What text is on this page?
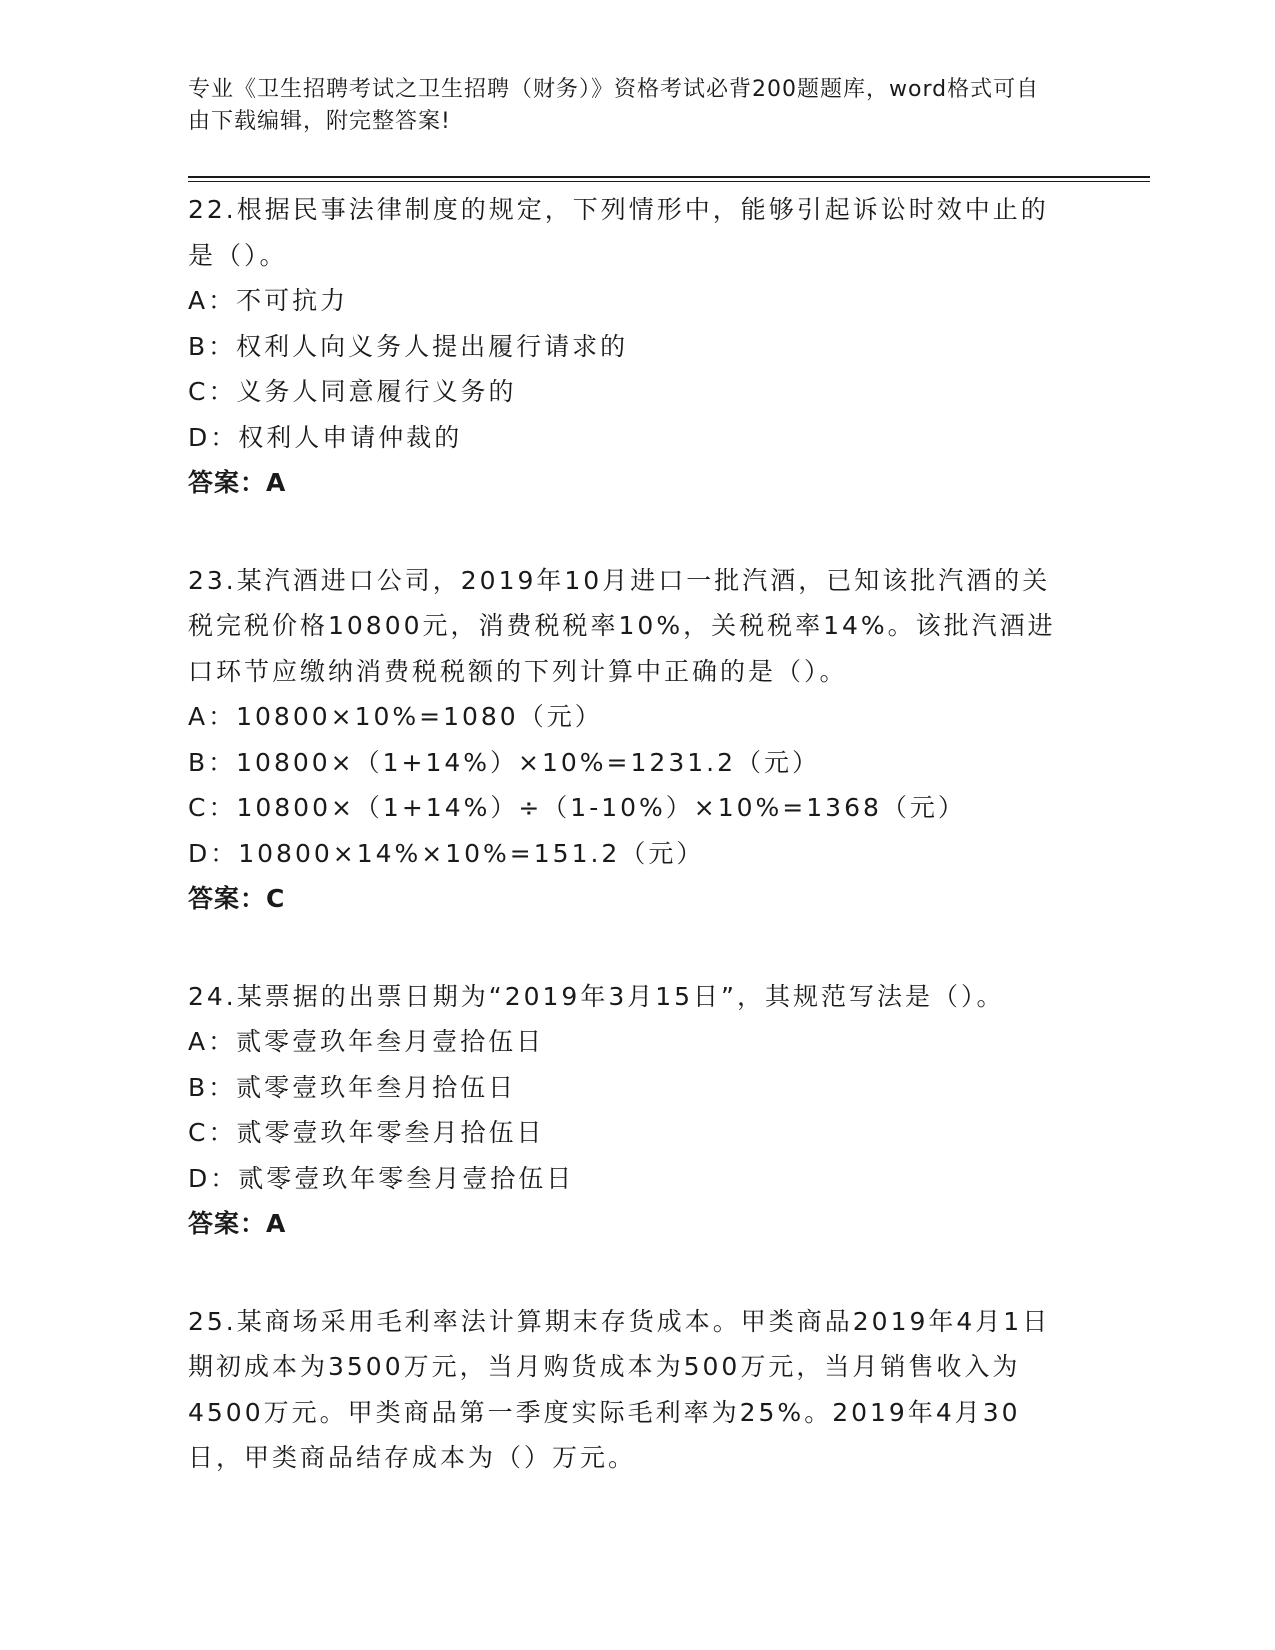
专业《卫生招聘考试之卫生招聘（财务）》资格考试必背200题题库，word格式可自由下载编辑，附完整答案!

22.根据民事法律制度的规定，下列情形中，能够引起诉讼时效中止的是（）。

A：不可抗力

B：权利人向义务人提出履行请求的

C：义务人同意履行义务的

D：权利人申请仲裁的

答案：A

23.某汽酒进口公司，2019年10月进口一批汽酒，已知该批汽酒的关税完税价格10800元，消费税税率10%，关税税率14%。该批汽酒进口环节应缴纳消费税税额的下列计算中正确的是（）。

A：10800×10%=1080（元）

B：10800×（1+14%）×10%=1231.2（元）

C：10800×（1+14%）÷（1-10%）×10%=1368（元）

D：10800×14%×10%=151.2（元）

答案：C

24.某票据的出票日期为“2019年3月15日”，其规范写法是（）。

A：贰零壹玖年叁月壹拾伍日

B：贰零壹玖年叁月拾伍日

C：贰零壹玖年零叁月拾伍日

D：贰零壹玖年零叁月壹拾伍日

答案：A

25.某商场采用毛利率法计算期末存货成本。甲类商品2019年4月1日期初成本为3500万元，当月购货成本为500万元，当月销售收入为4500万元。甲类商品第一季度实际毛利率为25%。2019年4月30日，甲类商品结存成本为（）万元。
